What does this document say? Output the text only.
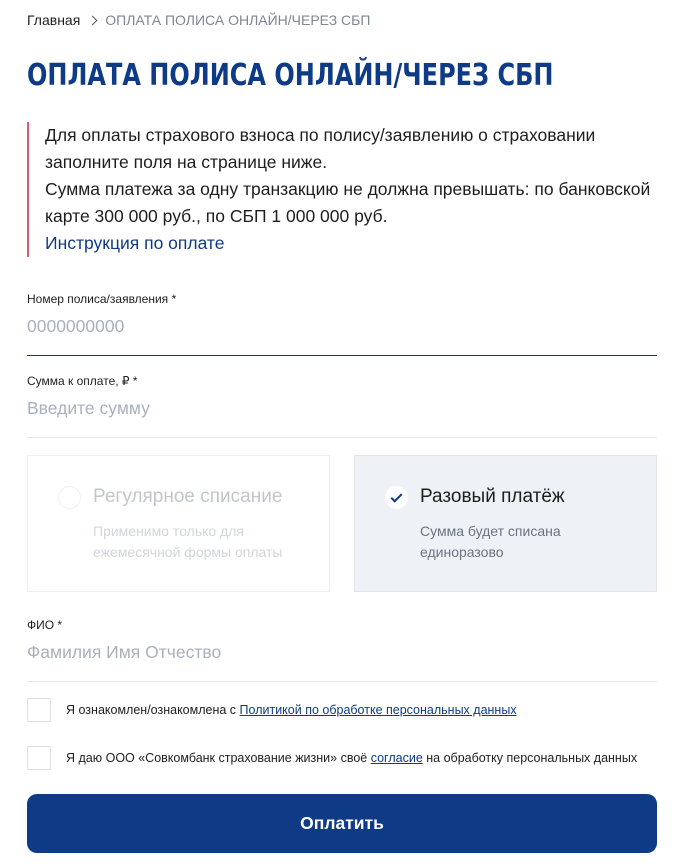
Главная ОПЛАТА ПОЛИСА ОНЛАЙН/ЧЕРЕЗ СБП
ОПЛАТА ПОЛИСА ОНЛАЙН/ЧЕРЕЗ СБП

Для оплаты страхового взноса по полису/заявлению о страховании заполните поля на странице ниже.

Сумма платежа за одну транзакцию не должна превышать: по банковской карте 300 000 руб., по СБП 1 000 000 руб.

Инструкция по оплате
Номер полиса/заявления *
0000000000
Сумма к оплате, ₽ *
Введите сумму
Регулярное списание
Применимо только для ежемесячной формы оплаты
Разовый платёж
Сумма будет списана единоразово
ФИО *
Фамилия Имя Отчество
Я ознакомлен/ознакомлена с Политикой по обработке персональных данных
Я даю ООО «Совкомбанк страхование жизни» своё согласие на обработку персональных данных
Оплатить
